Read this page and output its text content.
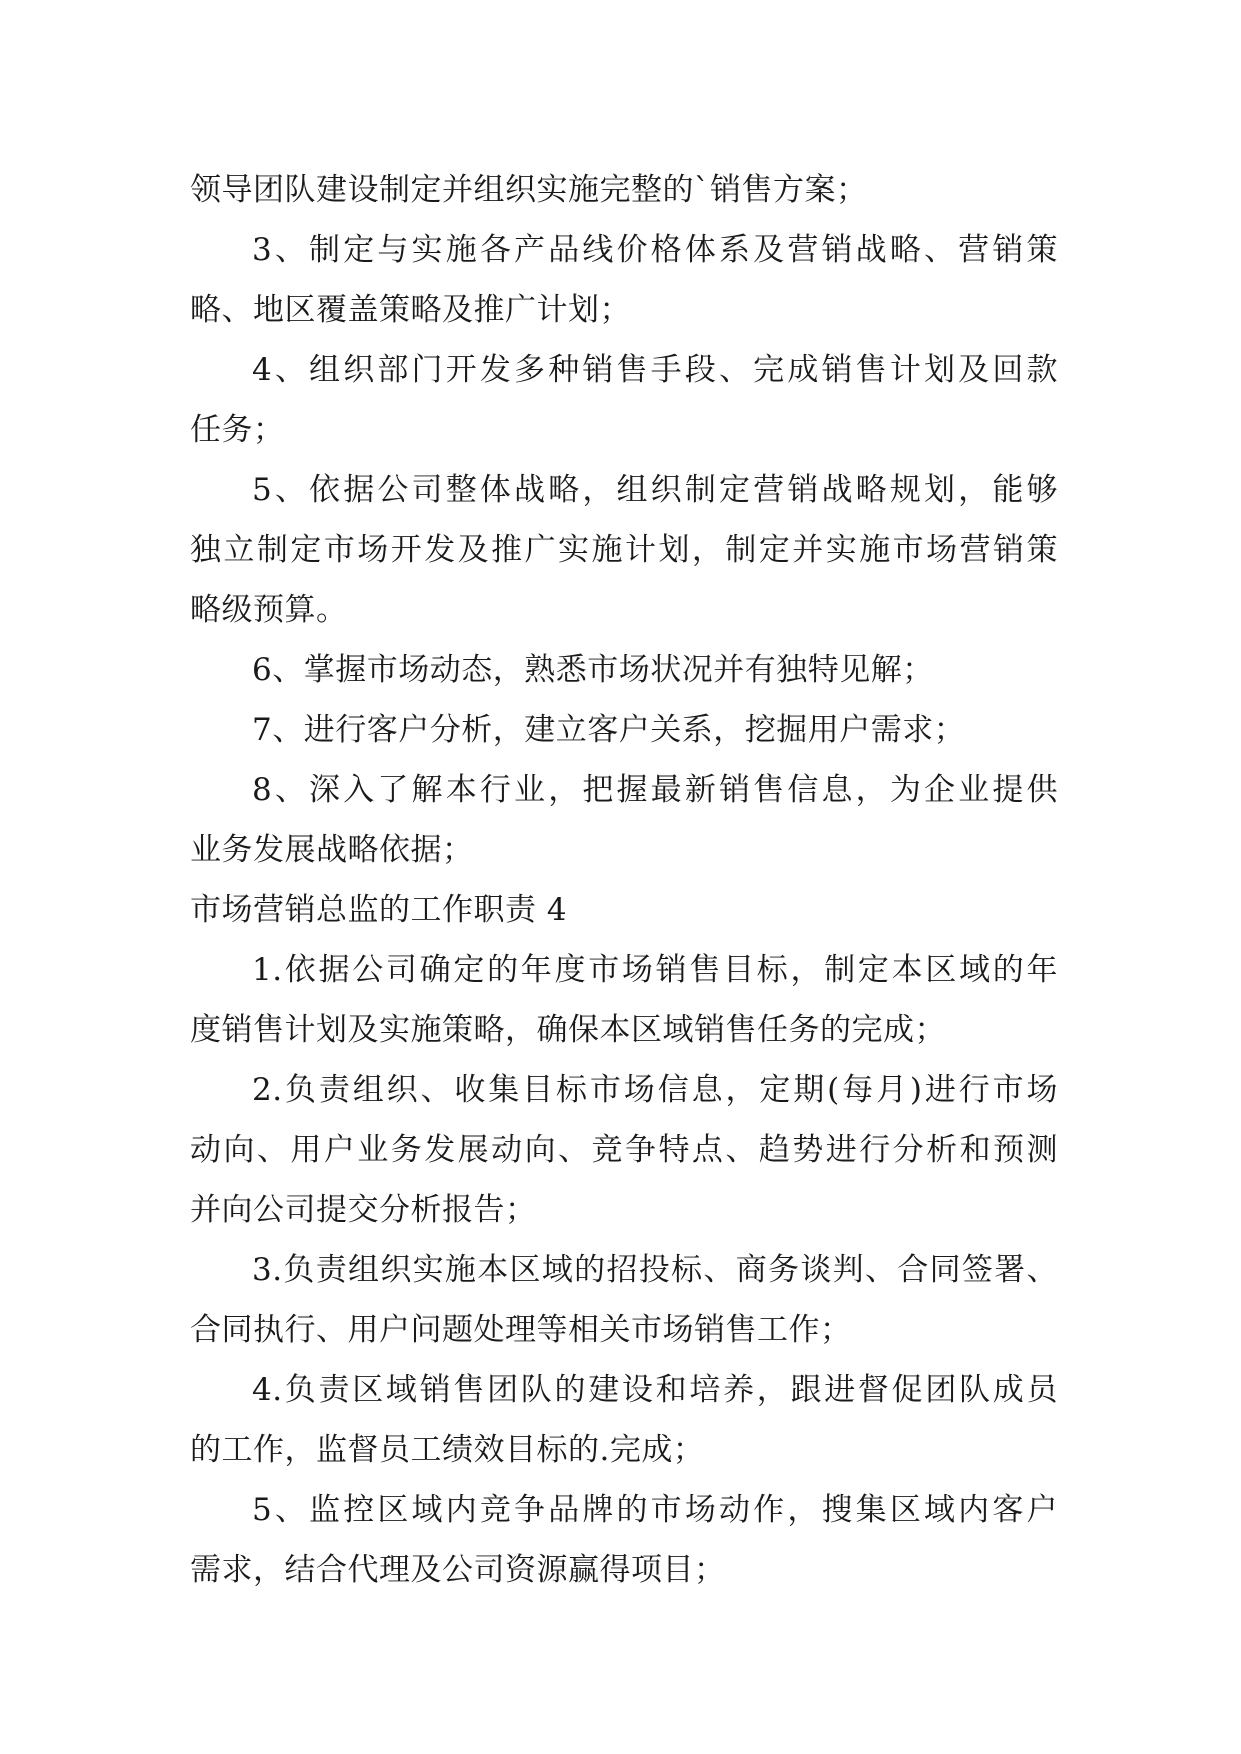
领导团队建设制定并组织实施完整的`销售方案；
3、制定与实施各产品线价格体系及营销战略、营销策
略、地区覆盖策略及推广计划；
4、组织部门开发多种销售手段、完成销售计划及回款
任务；
5、依据公司整体战略，组织制定营销战略规划，能够
独立制定市场开发及推广实施计划，制定并实施市场营销策
略级预算。
6、掌握市场动态，熟悉市场状况并有独特见解；
7、进行客户分析，建立客户关系，挖掘用户需求；
8、深入了解本行业，把握最新销售信息，为企业提供
业务发展战略依据；
市场营销总监的工作职责 4
1.依据公司确定的年度市场销售目标，制定本区域的年
度销售计划及实施策略，确保本区域销售任务的完成；
2.负责组织、收集目标市场信息，定期(每月)进行市场
动向、用户业务发展动向、竞争特点、趋势进行分析和预测
并向公司提交分析报告；
3.负责组织实施本区域的招投标、商务谈判、合同签署、
合同执行、用户问题处理等相关市场销售工作；
4.负责区域销售团队的建设和培养，跟进督促团队成员
的工作，监督员工绩效目标的.完成；
5、监控区域内竞争品牌的市场动作，搜集区域内客户
需求，结合代理及公司资源赢得项目；
